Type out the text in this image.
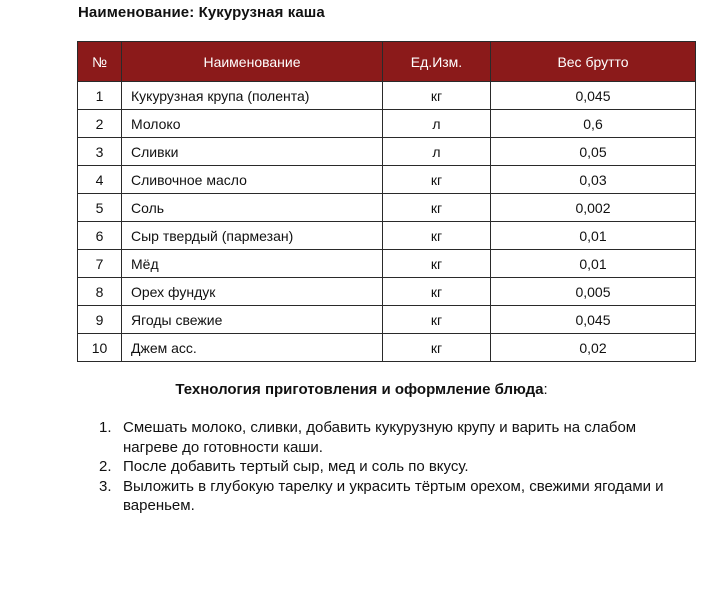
Наименование: Кукурузная каша
№	Наименование	Ед.Изм.	Вес брутто
1	Кукурузная крупа (полента)	кг	0,045
2	Молоко	л	0,6
3	Сливки	л	0,05
4	Сливочное масло	кг	0,03
5	Соль	кг	0,002
6	Сыр твердый (пармезан)	кг	0,01
7	Мёд	кг	0,01
8	Орех фундук	кг	0,005
9	Ягоды свежие	кг	0,045
10	Джем асс.	кг	0,02
Технология приготовления и оформление блюда:
1. Смешать молоко, сливки, добавить кукурузную крупу и варить на слабом нагреве до готовности каши.
2. После добавить тертый сыр, мед и соль по вкусу.
3. Выложить в глубокую тарелку и украсить тёртым орехом, свежими ягодами и вареньем.
